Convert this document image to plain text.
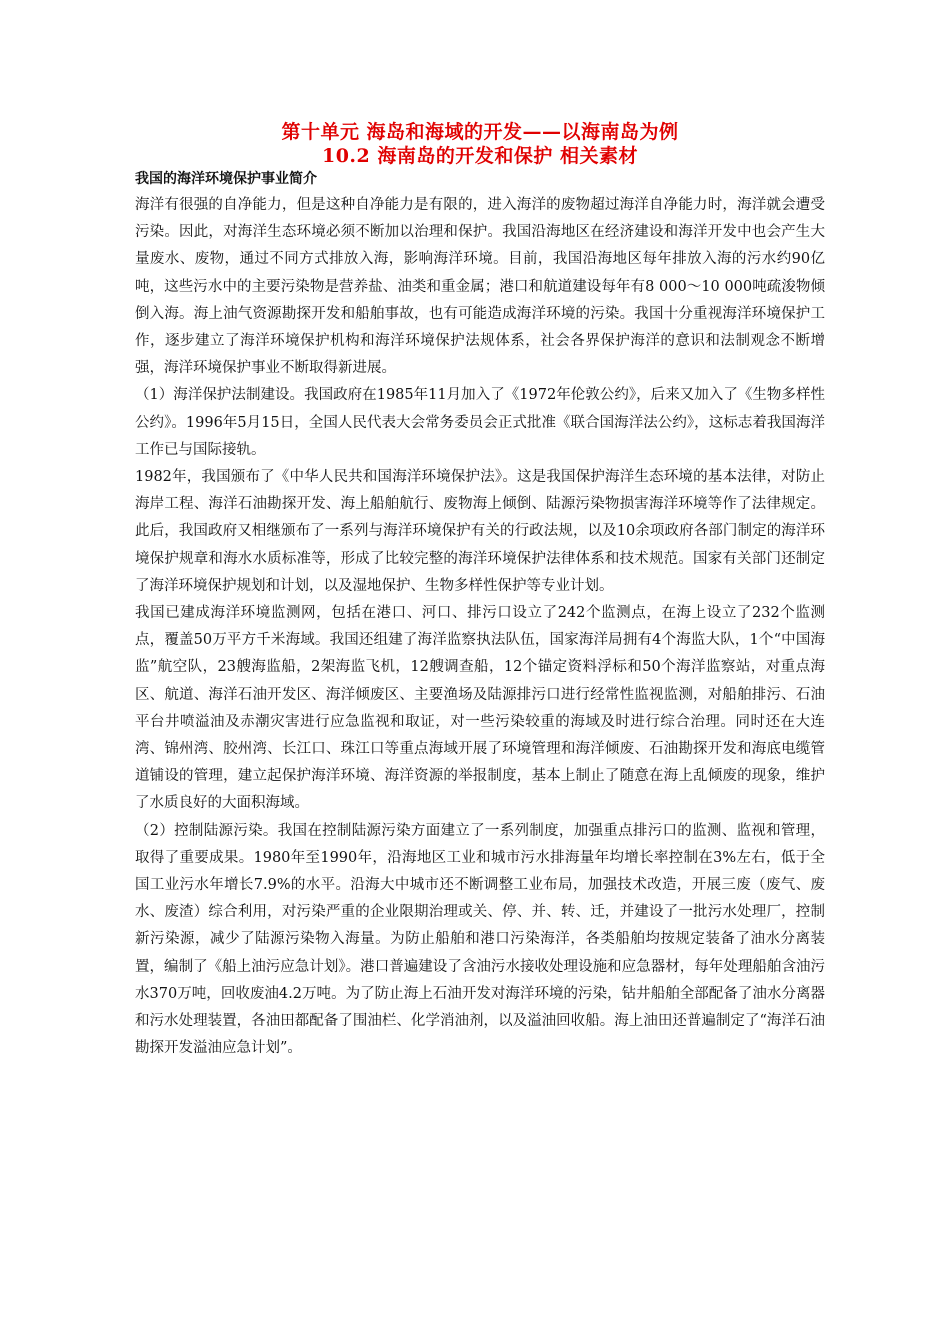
第十单元 海岛和海域的开发——以海南岛为例
10.2 海南岛的开发和保护 相关素材
我国的海洋环境保护事业简介

海洋有很强的自净能力，但是这种自净能力是有限的，进入海洋的废物超过海洋自净能力时，海洋就会遭受污染。因此，对海洋生态环境必须不断加以治理和保护。我国沿海地区在经济建设和海洋开发中也会产生大量废水、废物，通过不同方式排放入海，影响海洋环境。目前，我国沿海地区每年排放入海的污水约90亿吨，这些污水中的主要污染物是营养盐、油类和重金属；港口和航道建设每年有8 000～10 000吨疏浚物倾倒入海。海上油气资源勘探开发和船舶事故，也有可能造成海洋环境的污染。我国十分重视海洋环境保护工作，逐步建立了海洋环境保护机构和海洋环境保护法规体系，社会各界保护海洋的意识和法制观念不断增强，海洋环境保护事业不断取得新进展。

（1）海洋保护法制建设。我国政府在1985年11月加入了《1972年伦敦公约》，后来又加入了《生物多样性公约》。1996年5月15日，全国人民代表大会常务委员会正式批准《联合国海洋法公约》，这标志着我国海洋工作已与国际接轨。

1982年，我国颁布了《中华人民共和国海洋环境保护法》。这是我国保护海洋生态环境的基本法律，对防止海岸工程、海洋石油勘探开发、海上船舶航行、废物海上倾倒、陆源污染物损害海洋环境等作了法律规定。此后，我国政府又相继颁布了一系列与海洋环境保护有关的行政法规，以及10余项政府各部门制定的海洋环境保护规章和海水水质标准等，形成了比较完整的海洋环境保护法律体系和技术规范。国家有关部门还制定了海洋环境保护规划和计划，以及湿地保护、生物多样性保护等专业计划。

我国已建成海洋环境监测网，包括在港口、河口、排污口设立了242个监测点，在海上设立了232个监测点，覆盖50万平方千米海域。我国还组建了海洋监察执法队伍，国家海洋局拥有4个海监大队，1个“中国海监”航空队，23艘海监船，2架海监飞机，12艘调查船，12个锚定资料浮标和50个海洋监察站，对重点海区、航道、海洋石油开发区、海洋倾废区、主要渔场及陆源排污口进行经常性监视监测，对船舶排污、石油平台井喷溢油及赤潮灾害进行应急监视和取证，对一些污染较重的海域及时进行综合治理。同时还在大连湾、锦州湾、胶州湾、长江口、珠江口等重点海域开展了环境管理和海洋倾废、石油勘探开发和海底电缆管道铺设的管理，建立起保护海洋环境、海洋资源的举报制度，基本上制止了随意在海上乱倾废的现象，维护了水质良好的大面积海域。

（2）控制陆源污染。我国在控制陆源污染方面建立了一系列制度，加强重点排污口的监测、监视和管理，取得了重要成果。1980年至1990年，沿海地区工业和城市污水排海量年均增长率控制在3%左右，低于全国工业污水年增长7.9%的水平。沿海大中城市还不断调整工业布局，加强技术改造，开展三废（废气、废水、废渣）综合利用，对污染严重的企业限期治理或关、停、并、转、迁，并建设了一批污水处理厂，控制新污染源，减少了陆源污染物入海量。为防止船舶和港口污染海洋，各类船舶均按规定装备了油水分离装置，编制了《船上油污应急计划》。港口普遍建设了含油污水接收处理设施和应急器材，每年处理船舶含油污水370万吨，回收废油4.2万吨。为了防止海上石油开发对海洋环境的污染，钻井船舶全部配备了油水分离器和污水处理装置，各油田都配备了围油栏、化学消油剂，以及溢油回收船。海上油田还普遍制定了“海洋石油勘探开发溢油应急计划”。
